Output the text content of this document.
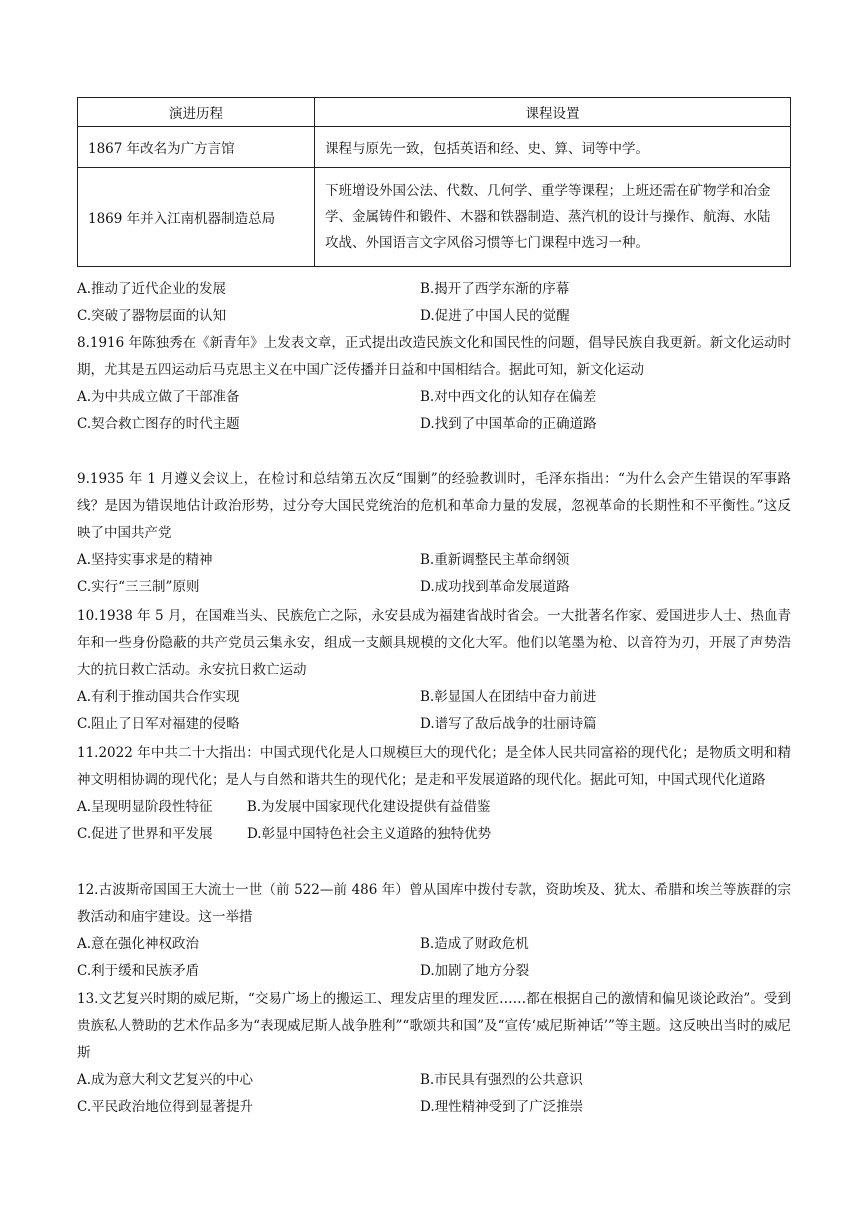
演进历程	课程设置
1867 年改名为广方言馆	课程与原先一致，包括英语和经、史、算、词等中学。
1869 年并入江南机器制造总局	下班增设外国公法、代数、几何学、重学等课程；上班还需在矿物学和冶金学、金属铸件和锻件、木器和铁器制造、蒸汽机的设计与操作、航海、水陆攻战、外国语言文字风俗习惯等七门课程中选习一种。
A.推动了近代企业的发展	B.揭开了西学东渐的序幕
C.突破了器物层面的认知	D.促进了中国人民的觉醒

8.1916 年陈独秀在《新青年》上发表文章，正式提出改造民族文化和国民性的问题，倡导民族自我更新。新文化运动时期，尤其是五四运动后马克思主义在中国广泛传播并日益和中国相结合。据此可知，新文化运动

A.为中共成立做了干部准备	B.对中西文化的认知存在偏差
C.契合救亡图存的时代主题	D.找到了中国革命的正确道路

9.1935 年 1 月遵义会议上，在检讨和总结第五次反“围剿”的经验教训时，毛泽东指出：“为什么会产生错误的军事路线？是因为错误地估计政治形势，过分夸大国民党统治的危机和革命力量的发展，忽视革命的长期性和不平衡性。”这反映了中国共产党

A.坚持实事求是的精神	B.重新调整民主革命纲领
C.实行“三三制”原则	D.成功找到革命发展道路

10.1938 年 5 月，在国难当头、民族危亡之际，永安县成为福建省战时省会。一大批著名作家、爱国进步人士、热血青年和一些身份隐蔽的共产党员云集永安，组成一支颇具规模的文化大军。他们以笔墨为枪、以音符为刃，开展了声势浩大的抗日救亡活动。永安抗日救亡运动

A.有利于推动国共合作实现	B.彰显国人在团结中奋力前进
C.阻止了日军对福建的侵略	D.谱写了敌后战争的壮丽诗篇

11.2022 年中共二十大指出：中国式现代化是人口规模巨大的现代化；是全体人民共同富裕的现代化；是物质文明和精神文明相协调的现代化；是人与自然和谐共生的现代化；是走和平发展道路的现代化。据此可知，中国式现代化道路

A.呈现明显阶段性特征	B.为发展中国家现代化建设提供有益借鉴
C.促进了世界和平发展	D.彰显中国特色社会主义道路的独特优势

12.古波斯帝国国王大流士一世（前 522—前 486 年）曾从国库中拨付专款，资助埃及、犹太、希腊和埃兰等族群的宗教活动和庙宇建设。这一举措

A.意在强化神权政治	B.造成了财政危机
C.利于缓和民族矛盾	D.加剧了地方分裂

13.文艺复兴时期的威尼斯，“交易广场上的搬运工、理发店里的理发匠……都在根据自己的激情和偏见谈论政治”。受到贵族私人赞助的艺术作品多为“表现威尼斯人战争胜利”“歌颂共和国”及“宣传‘威尼斯神话’”等主题。这反映出当时的威尼斯

A.成为意大利文艺复兴的中心	B.市民具有强烈的公共意识
C.平民政治地位得到显著提升	D.理性精神受到了广泛推崇
